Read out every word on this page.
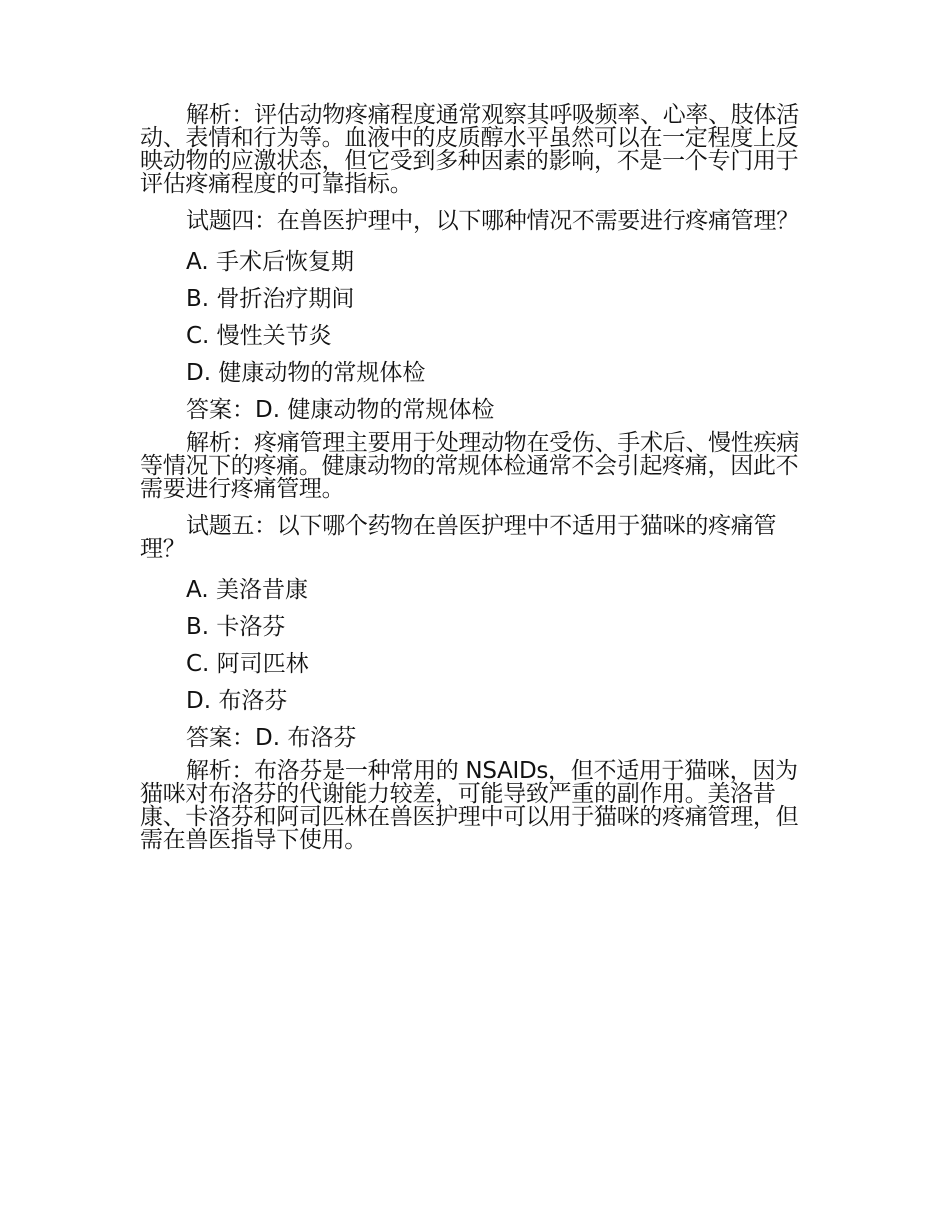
解析：评估动物疼痛程度通常观察其呼吸频率、心率、肢体活动、表情和行为等。血液中的皮质醇水平虽然可以在一定程度上反映动物的应激状态，但它受到多种因素的影响，不是一个专门用于评估疼痛程度的可靠指标。

试题四：在兽医护理中，以下哪种情况不需要进行疼痛管理？

A. 手术后恢复期
B. 骨折治疗期间
C. 慢性关节炎
D. 健康动物的常规体检
答案：D. 健康动物的常规体检

解析：疼痛管理主要用于处理动物在受伤、手术后、慢性疾病等情况下的疼痛。健康动物的常规体检通常不会引起疼痛，因此不需要进行疼痛管理。

试题五：以下哪个药物在兽医护理中不适用于猫咪的疼痛管理？

A. 美洛昔康
B. 卡洛芬
C. 阿司匹林
D. 布洛芬
答案：D. 布洛芬

解析：布洛芬是一种常用的 NSAIDs，但不适用于猫咪，因为猫咪对布洛芬的代谢能力较差，可能导致严重的副作用。美洛昔康、卡洛芬和阿司匹林在兽医护理中可以用于猫咪的疼痛管理，但需在兽医指导下使用。
